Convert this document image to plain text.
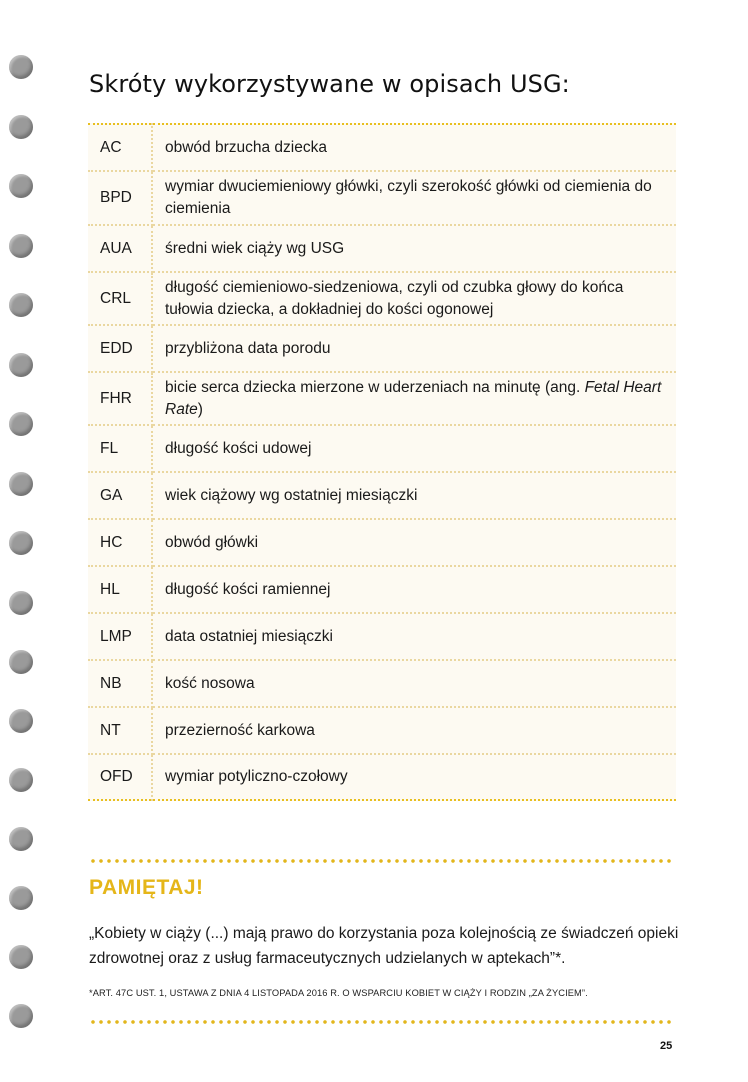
Skróty wykorzystywane w opisach USG:
AC	obwód brzucha dziecka
BPD	wymiar dwuciemieniowy główki, czyli szerokość główki od ciemienia do ciemienia
AUA	średni wiek ciąży wg USG
CRL	długość ciemieniowo-siedzeniowa, czyli od czubka głowy do końca tułowia dziecka, a dokładniej do kości ogonowej
EDD	przybliżona data porodu
FHR	bicie serca dziecka mierzone w uderzeniach na minutę (ang. Fetal Heart Rate)
FL	długość kości udowej
GA	wiek ciążowy wg ostatniej miesiączki
HC	obwód główki
HL	długość kości ramiennej
LMP	data ostatniej miesiączki
NB	kość nosowa
NT	przezierność karkowa
OFD	wymiar potyliczno-czołowy
PAMIĘTAJ!

„Kobiety w ciąży (...) mają prawo do korzystania poza kolejnością ze świadczeń opieki zdrowotnej oraz z usług farmaceutycznych udzielanych w aptekach”*.

*ART. 47C UST. 1, USTAWA Z DNIA 4 LISTOPADA 2016 R. O WSPARCIU KOBIET W CIĄŻY I RODZIN „ZA ŻYCIEM”.

25
